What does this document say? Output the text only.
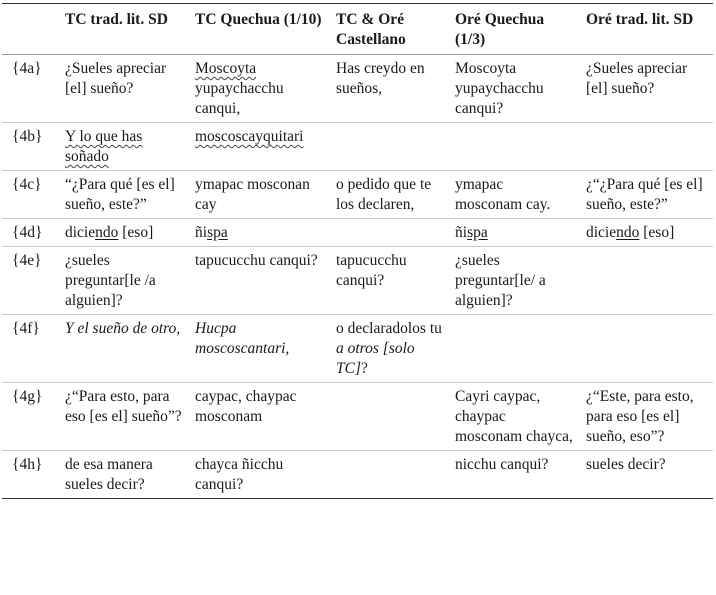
	TC trad. lit. SD	TC Quechua (1/10)	TC & Oré Castellano	Oré Quechua (1/3)	Oré trad. lit. SD
{4a}	¿Sueles apreciar [el] sueño?	Moscoyta yupaychacchu canqui,	Has creydo en sueños,	Moscoyta yupaychacchu canqui?	¿Sueles apreciar [el] sueño?
{4b}	Y lo que has soñado	moscoscayquitari			
{4c}	“¿Para qué [es el] sueño, este?”	ymapac mosconan cay	o pedido que te los declaren,	ymapac mosconam cay.	¿“¿Para qué [es el] sueño, este?”
{4d}	diciendo [eso]	ñispa		ñispa	diciendo [eso]
{4e}	¿sueles preguntar[le /a alguien]?	tapucucchu canqui?	tapucucchu canqui?	¿sueles preguntar[le/ a alguien]?	
{4f}	Y el sueño de otro,	Hucpa moscoscantari,	o declaradolos tu a otros [solo TC]?		
{4g}	¿“Para esto, para eso [es el] sueño”?	caypac, chaypac mosconam		Cayri caypac, chaypac mosconam chayca,	¿“Este, para esto, para eso [es el] sueño, eso”?
{4h}	de esa manera sueles decir?	chayca ñicchu canqui?		nicchu canqui?	sueles decir?
